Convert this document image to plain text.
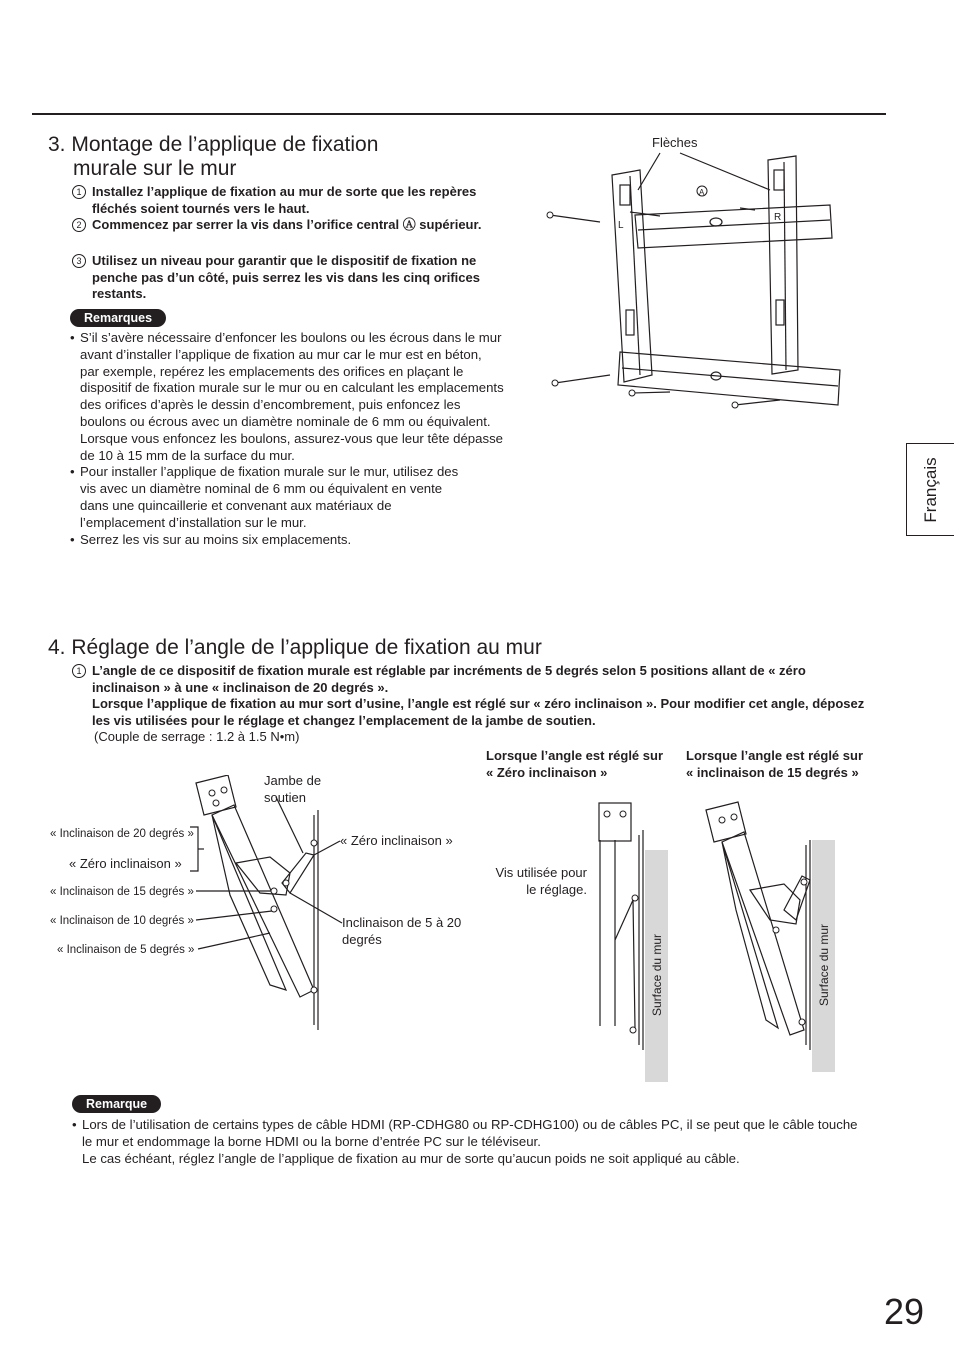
3. Montage de l’applique de fixation
murale sur le mur
1 Installez l’applique de fixation au mur de sorte que les repères fléchés soient tournés vers le haut.
2 Commencez par serrer la vis dans l’orifice central Ⓐ supérieur.
3 Utilisez un niveau pour garantir que le dispositif de fixation ne penche pas d’un côté, puis serrez les vis dans les cinq orifices restants.
Remarques
• S’il s’avère nécessaire d’enfoncer les boulons ou les écrous dans le mur avant d’installer l’applique de fixation au mur car le mur est en béton, par exemple, repérez les emplacements des orifices en plaçant le dispositif de fixation murale sur le mur ou en calculant les emplacements des orifices d’après le dessin d’encombrement, puis enfoncez les boulons ou écrous avec un diamètre nominale de 6 mm ou équivalent.
Lorsque vous enfoncez les boulons, assurez-vous que leur tête dépasse de 10 à 15 mm de la surface du mur.
• Pour installer l’applique de fixation murale sur le mur, utilisez des vis avec un diamètre nominal de 6 mm ou équivalent en vente dans une quincaillerie et convenant aux matériaux de l’emplacement d’installation sur le mur.
• Serrez les vis sur au moins six emplacements.
Flèches
A
L
R
Français
4. Réglage de l’angle de l’applique de fixation au mur
1 L’angle de ce dispositif de fixation murale est réglable par incréments de 5 degrés selon 5 positions allant de « zéro inclinaison » à une « inclinaison de 20 degrés ».
Lorsque l’applique de fixation au mur sort d’usine, l’angle est réglé sur « zéro inclinaison ». Pour modifier cet angle, déposez les vis utilisées pour le réglage et changez l’emplacement de la jambe de soutien.
(Couple de serrage : 1.2 à 1.5 N•m)
« Inclinaison de 20 degrés »
« Zéro inclinaison »
« Inclinaison de 15 degrés »
« Inclinaison de 10 degrés »
« Inclinaison de 5 degrés »
Jambe de soutien
« Zéro inclinaison »
Inclinaison de 5 à 20 degrés
Lorsque l’angle est réglé sur « Zéro inclinaison »
Vis utilisée pour le réglage.
Surface du mur
Lorsque l’angle est réglé sur « inclinaison de 15 degrés »
Surface du mur
Remarque
• Lors de l’utilisation de certains types de câble HDMI (RP-CDHG80 ou RP-CDHG100) ou de câbles PC, il se peut que le câble touche le mur et endommage la borne HDMI ou la borne d’entrée PC sur le téléviseur.
Le cas échéant, réglez l’angle de l’applique de fixation au mur de sorte qu’aucun poids ne soit appliqué au câble.
29
